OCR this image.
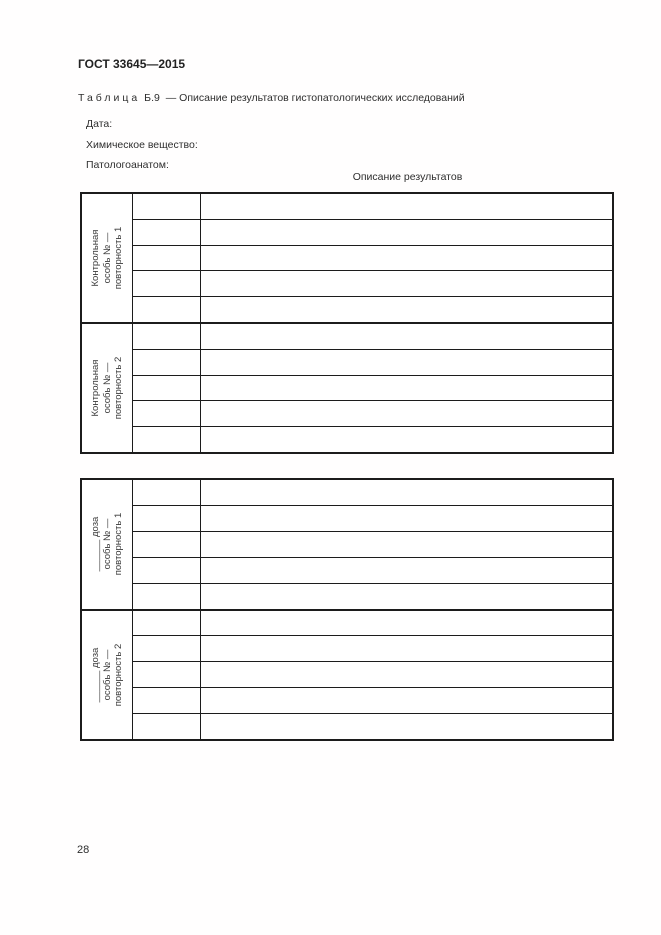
ГОСТ 33645—2015
Таблица Б.9 — Описание результатов гистопатологических исследований
Дата:
Химическое вещество:
Патологоанатом:
Описание результатов
Контрольная особь № — повторность 1
Контрольная особь № — повторность 2
______ доза особь № — повторность 1
______ доза особь № — повторность 2
28
